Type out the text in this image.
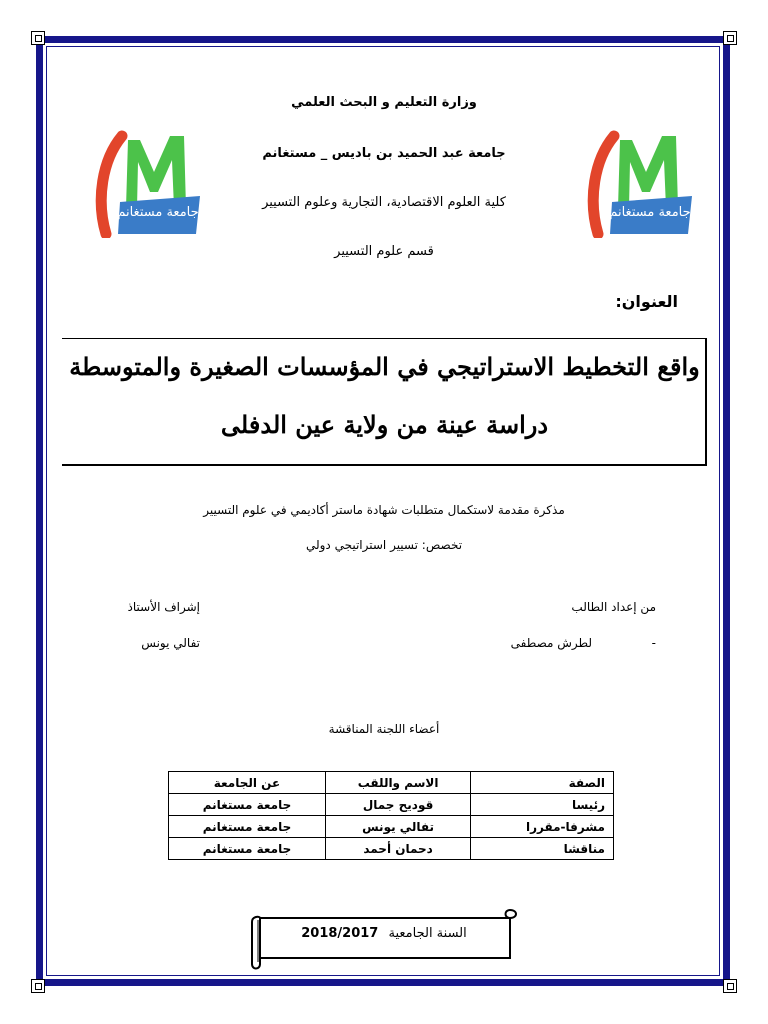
وزارة التعليم و البحث العلمي
جامعة عبد الحميد بن باديس _ مستغانم
كلية العلوم الاقتصادية، التجارية وعلوم التسيير
قسم علوم التسيير
جامعة مستغانم	جامعة مستغانم
العنوان:
واقع التخطيط الاستراتيجي في المؤسسات الصغيرة والمتوسطة
دراسة عينة من ولاية عين الدفلى
مذكرة مقدمة لاستكمال متطلبات شهادة ماستر أكاديمي في علوم التسيير
تخصص: تسيير استراتيجي دولي
من إعداد الطالب
-
لطرش مصطفى
إشراف الأستاذ
تفالي يونس
أعضاء اللجنة المناقشة
الصفة	الاسم واللقب	عن الجامعة
رئيسا	قوديح جمال	جامعة مستغانم
مشرفا-مقررا	تفالي يونس	جامعة مستغانم
مناقشا	دحمان أحمد	جامعة مستغانم
السنة الجامعية 2018/2017
